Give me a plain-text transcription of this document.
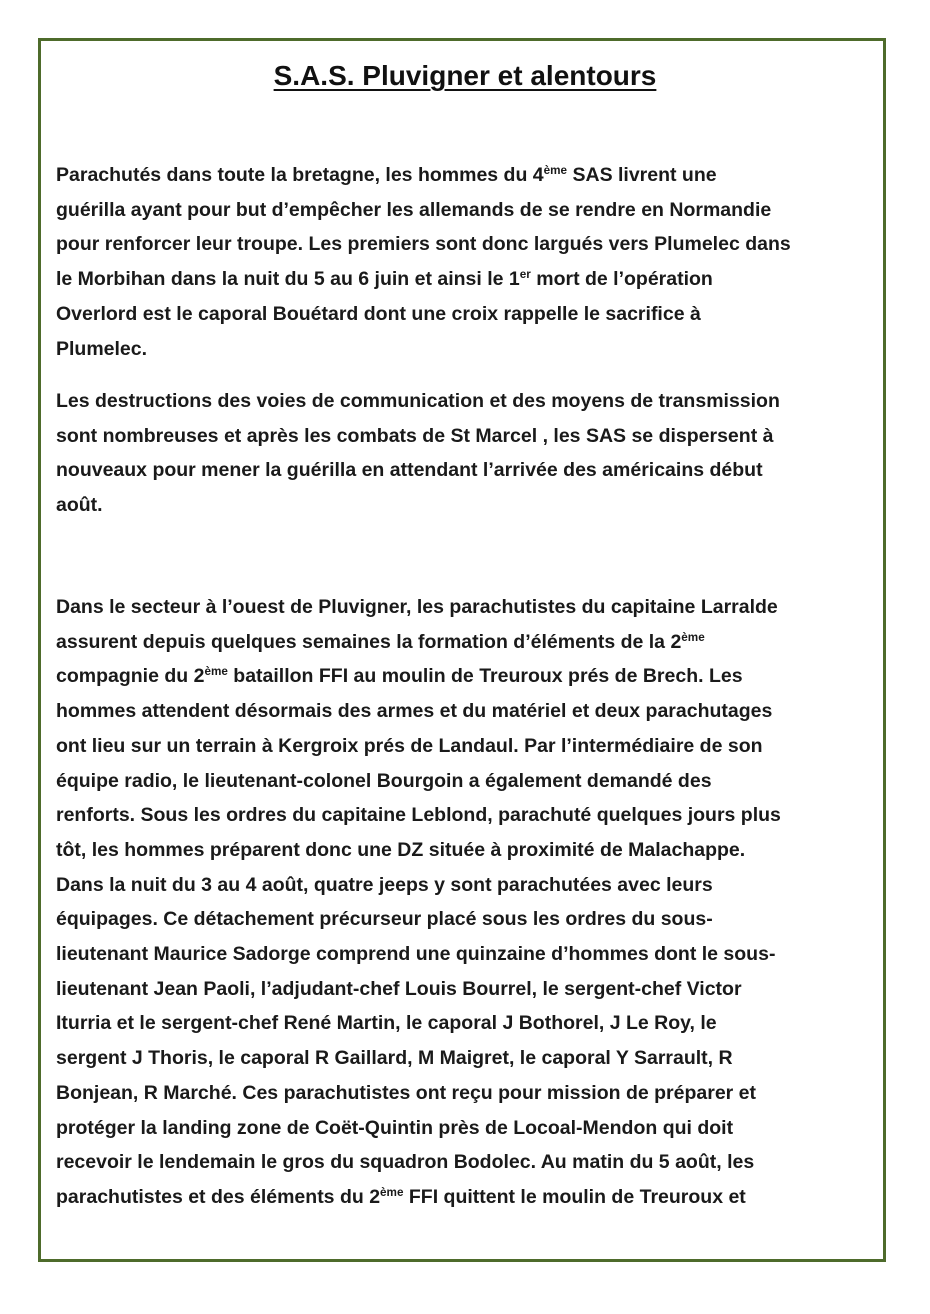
S.A.S. Pluvigner et alentours
Parachutés dans toute la bretagne, les hommes du 4ème SAS livrent une
guérilla ayant pour but d’empêcher les allemands de se rendre en Normandie
pour renforcer leur troupe. Les premiers sont donc largués vers Plumelec dans
le Morbihan dans la nuit du 5 au 6 juin et ainsi le 1er mort de l’opération
Overlord est le caporal Bouétard dont une croix rappelle le sacrifice à
Plumelec.
Les destructions des voies de communication et des moyens de transmission
sont nombreuses et après les combats de St Marcel , les SAS se dispersent à
nouveaux pour mener la guérilla en attendant l’arrivée des américains début
août.
Dans le secteur à l’ouest de Pluvigner, les parachutistes du capitaine Larralde
assurent depuis quelques semaines la formation d’éléments de la 2ème
compagnie du 2ème bataillon FFI au moulin de Treuroux prés de Brech. Les
hommes attendent désormais des armes et du matériel et deux parachutages
ont lieu sur un terrain à Kergroix prés de Landaul. Par l’intermédiaire de son
équipe radio, le lieutenant-colonel Bourgoin a également demandé des
renforts. Sous les ordres du capitaine Leblond, parachuté quelques jours plus
tôt, les hommes préparent donc une DZ située à proximité de Malachappe.
Dans la nuit du 3 au 4 août, quatre jeeps y sont parachutées avec leurs
équipages. Ce détachement précurseur placé sous les ordres du sous-
lieutenant Maurice Sadorge comprend une quinzaine d’hommes dont le sous-
lieutenant Jean Paoli, l’adjudant-chef Louis Bourrel, le sergent-chef Victor
Iturria et le sergent-chef René Martin, le caporal J Bothorel, J Le Roy, le
sergent J Thoris, le caporal R Gaillard, M Maigret, le caporal Y Sarrault, R
Bonjean, R Marché. Ces parachutistes ont reçu pour mission de préparer et
protéger la landing zone de Coët-Quintin près de Locoal-Mendon qui doit
recevoir le lendemain le gros du squadron Bodolec. Au matin du 5 août, les
parachutistes et des éléments du 2ème FFI quittent le moulin de Treuroux et
